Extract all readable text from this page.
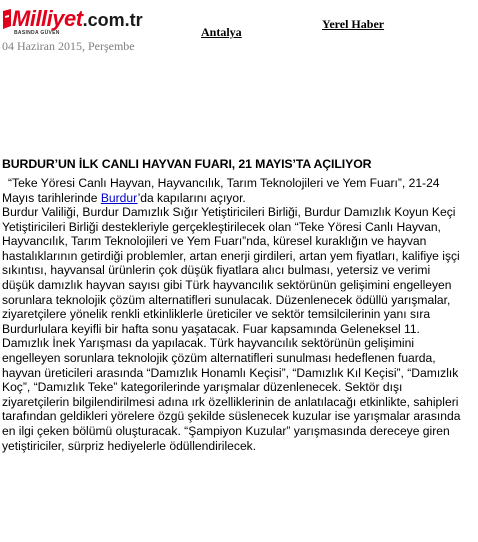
Milliyet.com.tr
BASINDA GÜVEN	Antalya
Yerel Haber
04 Haziran 2015, Perşembe
BURDUR’UN İLK CANLI HAYVAN FUARI, 21 MAYIS’TA AÇILIYOR
“Teke Yöresi Canlı Hayvan, Hayvancılık, Tarım Teknolojileri ve Yem Fuarı”, 21-24 Mayıs tarihlerinde Burdur’da kapılarını açıyor.

Burdur Valiliği, Burdur Damızlık Sığır Yetiştiricileri Birliği, Burdur Damızlık Koyun Keçi Yetiştiricileri Birliği destekleriyle gerçekleştirilecek olan “Teke Yöresi Canlı Hayvan, Hayvancılık, Tarım Teknolojileri ve Yem Fuarı”nda, küresel kuraklığın ve hayvan hastalıklarının getirdiği problemler, artan enerji girdileri, artan yem fiyatları, kalifiye işçi sıkıntısı, hayvansal ürünlerin çok düşük fiyatlara alıcı bulması, yetersiz ve verimi düşük damızlık hayvan sayısı gibi Türk hayvancılık sektörünün gelişimini engelleyen sorunlara teknolojik çözüm alternatifleri sunulacak. Düzenlenecek ödüllü yarışmalar, ziyaretçilere yönelik renkli etkinliklerle üreticiler ve sektör temsilcilerinin yanı sıra Burdurlulara keyifli bir hafta sonu yaşatacak. Fuar kapsamında Geleneksel 11. Damızlık İnek Yarışması da yapılacak. Türk hayvancılık sektörünün gelişimini engelleyen sorunlara teknolojik çözüm alternatifleri sunulması hedeflenen fuarda, hayvan üreticileri arasında “Damızlık Honamlı Keçisi”, “Damızlık Kıl Keçisi”, “Damızlık Koç”, “Damızlık Teke” kategorilerinde yarışmalar düzenlenecek. Sektör dışı ziyaretçilerin bilgilendirilmesi adına ırk özelliklerinin de anlatılacağı etkinlikte, sahipleri tarafından geldikleri yörelere özgü şekilde süslenecek kuzular ise yarışmalar arasında en ilgi çeken bölümü oluşturacak. “Şampiyon Kuzular” yarışmasında dereceye giren yetiştiriciler, sürpriz hediyelerle ödüllendirilecek.
